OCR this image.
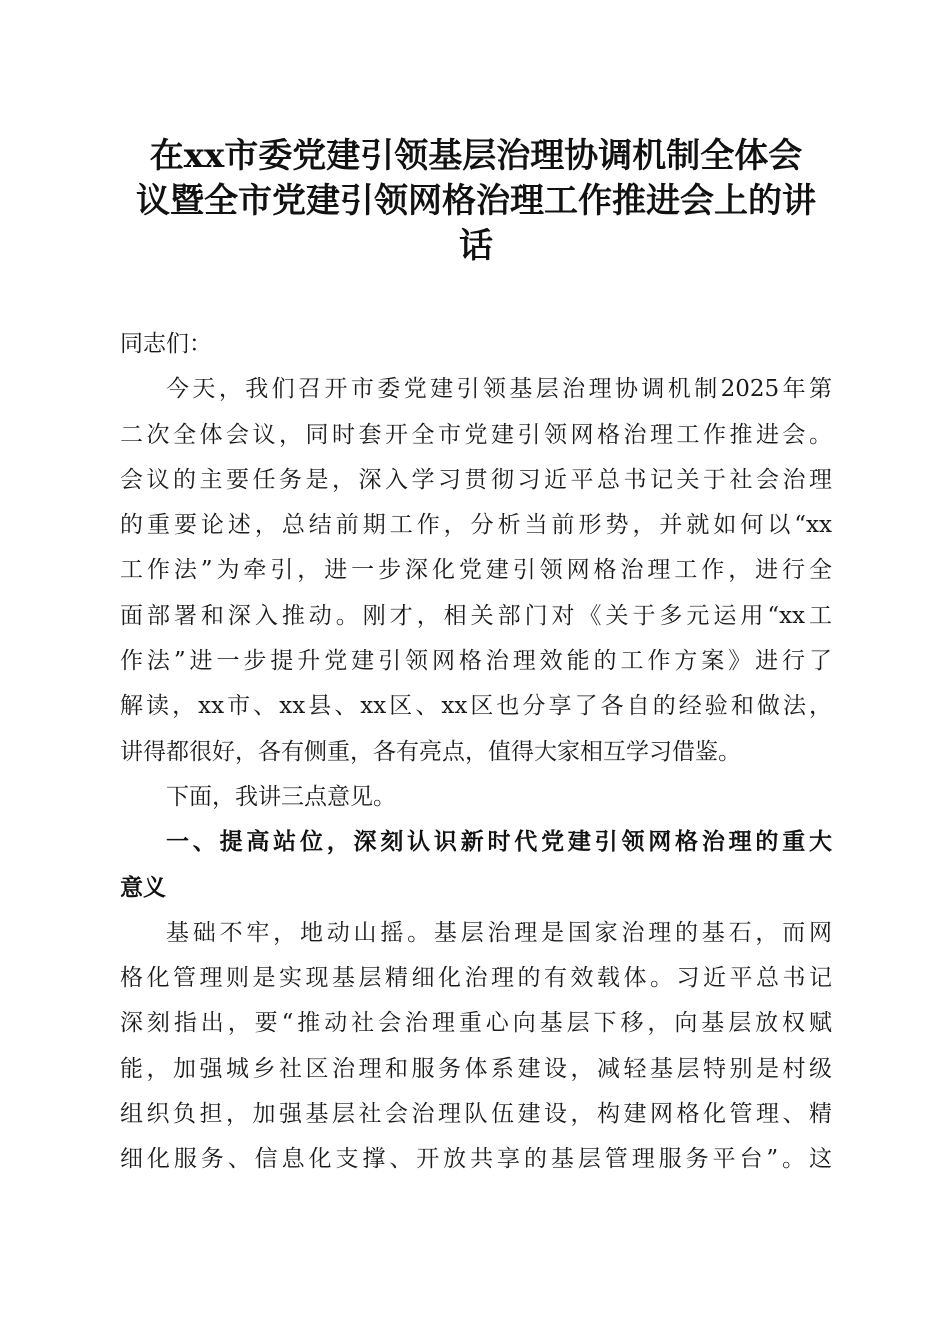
在xx市委党建引领基层治理协调机制全体会
议暨全市党建引领网格治理工作推进会上的讲
话
同志们：
今天，我们召开市委党建引领基层治理协调机制2025年第
二次全体会议，同时套开全市党建引领网格治理工作推进会。
会议的主要任务是，深入学习贯彻习近平总书记关于社会治理
的重要论述，总结前期工作，分析当前形势，并就如何以“xx
工作法”为牵引，进一步深化党建引领网格治理工作，进行全
面部署和深入推动。刚才，相关部门对《关于多元运用“xx工
作法”进一步提升党建引领网格治理效能的工作方案》进行了
解读，xx市、xx县、xx区、xx区也分享了各自的经验和做法，
讲得都很好，各有侧重，各有亮点，值得大家相互学习借鉴。
下面，我讲三点意见。
一、提高站位，深刻认识新时代党建引领网格治理的重大
意义
基础不牢，地动山摇。基层治理是国家治理的基石，而网
格化管理则是实现基层精细化治理的有效载体。习近平总书记
深刻指出，要“推动社会治理重心向基层下移，向基层放权赋
能，加强城乡社区治理和服务体系建设，减轻基层特别是村级
组织负担，加强基层社会治理队伍建设，构建网格化管理、精
细化服务、信息化支撑、开放共享的基层管理服务平台”。这
